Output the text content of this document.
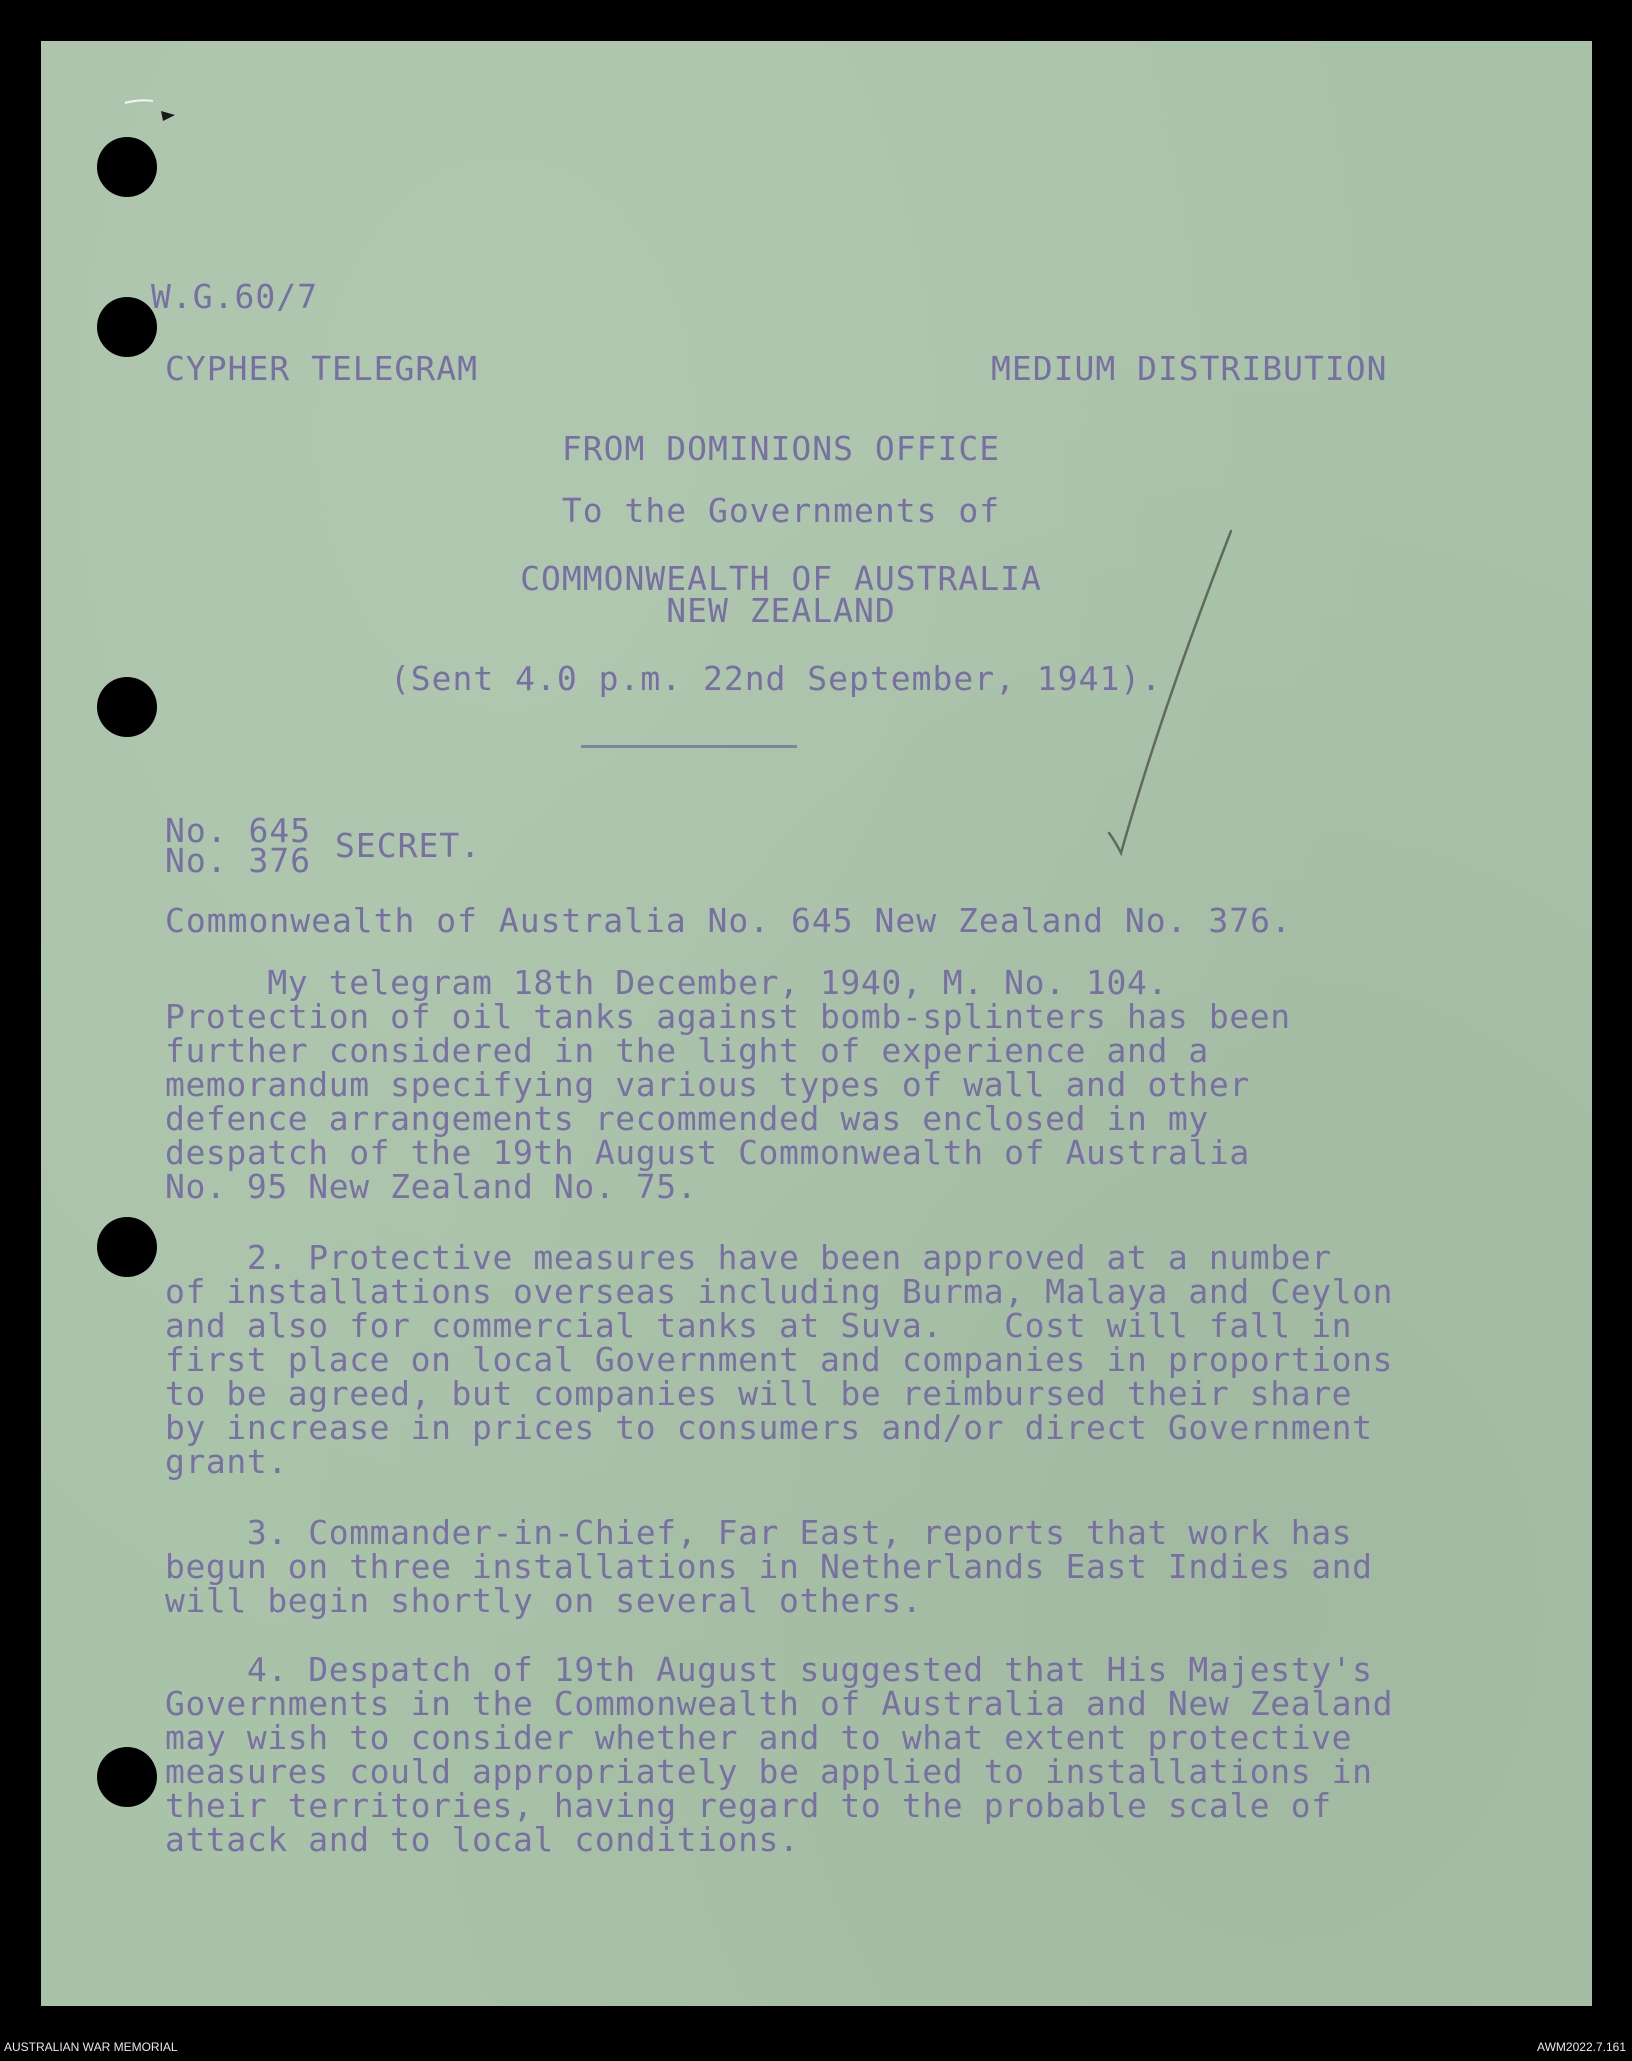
W.G.60/7
CYPHER TELEGRAM	MEDIUM DISTRIBUTION
FROM DOMINIONS OFFICE
To the Governments of
COMMONWEALTH OF AUSTRALIA
NEW ZEALAND
(Sent 4.0 p.m. 22nd September, 1941).
No. 645
No. 376 SECRET.
Commonwealth of Australia No. 645 New Zealand No. 376.
My telegram 18th December, 1940, M. No. 104.
Protection of oil tanks against bomb-splinters has been
further considered in the light of experience and a
memorandum specifying various types of wall and other
defence arrangements recommended was enclosed in my
despatch of the 19th August Commonwealth of Australia
No. 95 New Zealand No. 75.
2. Protective measures have been approved at a number
of installations overseas including Burma, Malaya and Ceylon
and also for commercial tanks at Suva.   Cost will fall in
first place on local Government and companies in proportions
to be agreed, but companies will be reimbursed their share
by increase in prices to consumers and/or direct Government
grant.
3. Commander-in-Chief, Far East, reports that work has
begun on three installations in Netherlands East Indies and
will begin shortly on several others.
4. Despatch of 19th August suggested that His Majesty's
Governments in the Commonwealth of Australia and New Zealand
may wish to consider whether and to what extent protective
measures could appropriately be applied to installations in
their territories, having regard to the probable scale of
attack and to local conditions.
AUSTRALIAN WAR MEMORIAL	AWM2022.7.161
